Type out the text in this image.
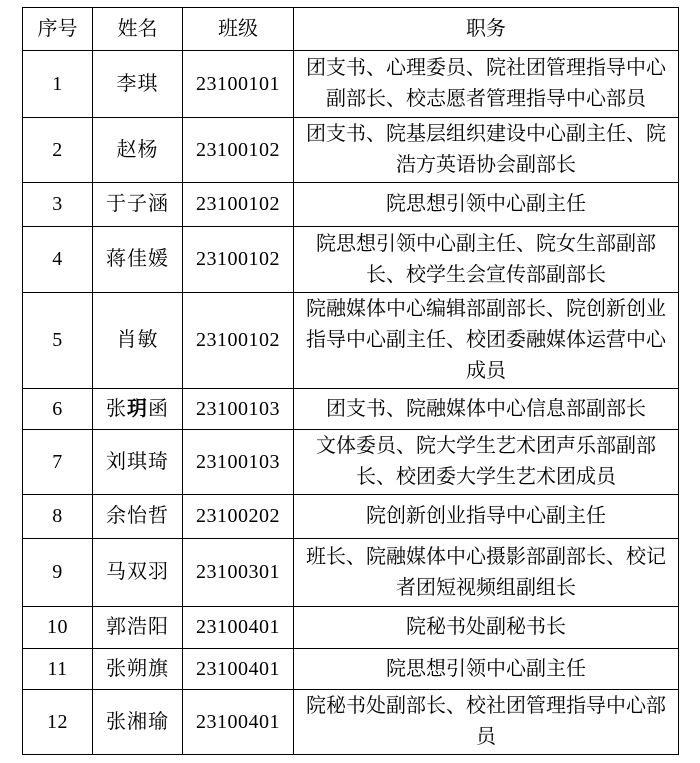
序号	姓名	班级	职务
1	李琪	23100101	团支书、心理委员、院社团管理指导中心副部长、校志愿者管理指导中心部员
2	赵杨	23100102	团支书、院基层组织建设中心副主任、院浩方英语协会副部长
3	于子涵	23100102	院思想引领中心副主任
4	蒋佳媛	23100102	院思想引领中心副主任、院女生部副部长、校学生会宣传部副部长
5	肖敏	23100102	院融媒体中心编辑部副部长、院创新创业指导中心副主任、校团委融媒体运营中心成员
6	张玥函	23100103	团支书、院融媒体中心信息部副部长
7	刘琪琦	23100103	文体委员、院大学生艺术团声乐部副部长、校团委大学生艺术团成员
8	余怡哲	23100202	院创新创业指导中心副主任
9	马双羽	23100301	班长、院融媒体中心摄影部副部长、校记者团短视频组副组长
10	郭浩阳	23100401	院秘书处副秘书长
11	张朔旗	23100401	院思想引领中心副主任
12	张湘瑜	23100401	院秘书处副部长、校社团管理指导中心部员
